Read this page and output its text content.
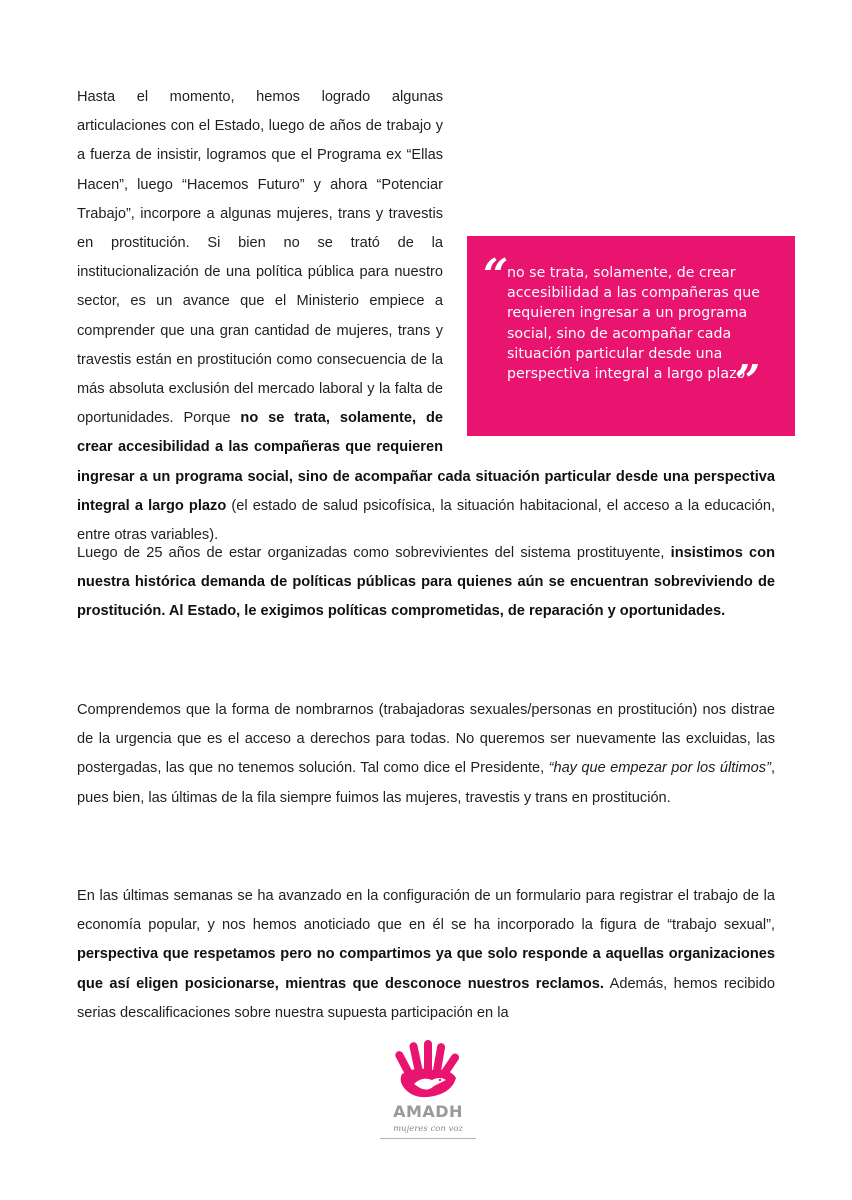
Hasta el momento, hemos logrado algunas articulaciones con el Estado, luego de años de trabajo y a fuerza de insistir, logramos que el Programa ex “Ellas Hacen”, luego “Hacemos Futuro” y ahora “Potenciar Trabajo”, incorpore a algunas mujeres, trans y travestis en prostitución. Si bien no se trató de la institucionalización de una política pública para nuestro sector, es un avance que el Ministerio empiece a comprender que una gran cantidad de mujeres, trans y travestis están en prostitución como consecuencia de la más absoluta exclusión del mercado laboral y la falta de oportunidades. Porque no se trata, solamente, de crear accesibilidad a las compañeras que requieren ingresar a un programa social, sino de acompañar cada situación particular desde una perspectiva integral a largo plazo (el estado de salud psicofísica, la situación habitacional, el acceso a la educación, entre otras variables).

“
no se trata, solamente, de crear accesibilidad a las compañeras que requieren ingresar a un programa social, sino de acompañar cada situación particular desde una perspectiva integral a largo plazo
”

Luego de 25 años de estar organizadas como sobrevivientes del sistema prostituyente, insistimos con nuestra histórica demanda de políticas públicas para quienes aún se encuentran sobreviviendo de prostitución. Al Estado, le exigimos políticas comprometidas, de reparación y oportunidades.

Comprendemos que la forma de nombrarnos (trabajadoras sexuales/personas en prostitución) nos distrae de la urgencia que es el acceso a derechos para todas. No queremos ser nuevamente las excluidas, las postergadas, las que no tenemos solución. Tal como dice el Presidente, “hay que empezar por los últimos”, pues bien, las últimas de la fila siempre fuimos las mujeres, travestis y trans en prostitución.

En las últimas semanas se ha avanzado en la configuración de un formulario para registrar el trabajo de la economía popular, y nos hemos anoticiado que en él se ha incorporado la figura de “trabajo sexual”, perspectiva que respetamos pero no compartimos ya que solo responde a aquellas organizaciones que así eligen posicionarse, mientras que desconoce nuestros reclamos. Además, hemos recibido serias descalificaciones sobre nuestra supuesta participación en la

AMADH
mujeres con voz
